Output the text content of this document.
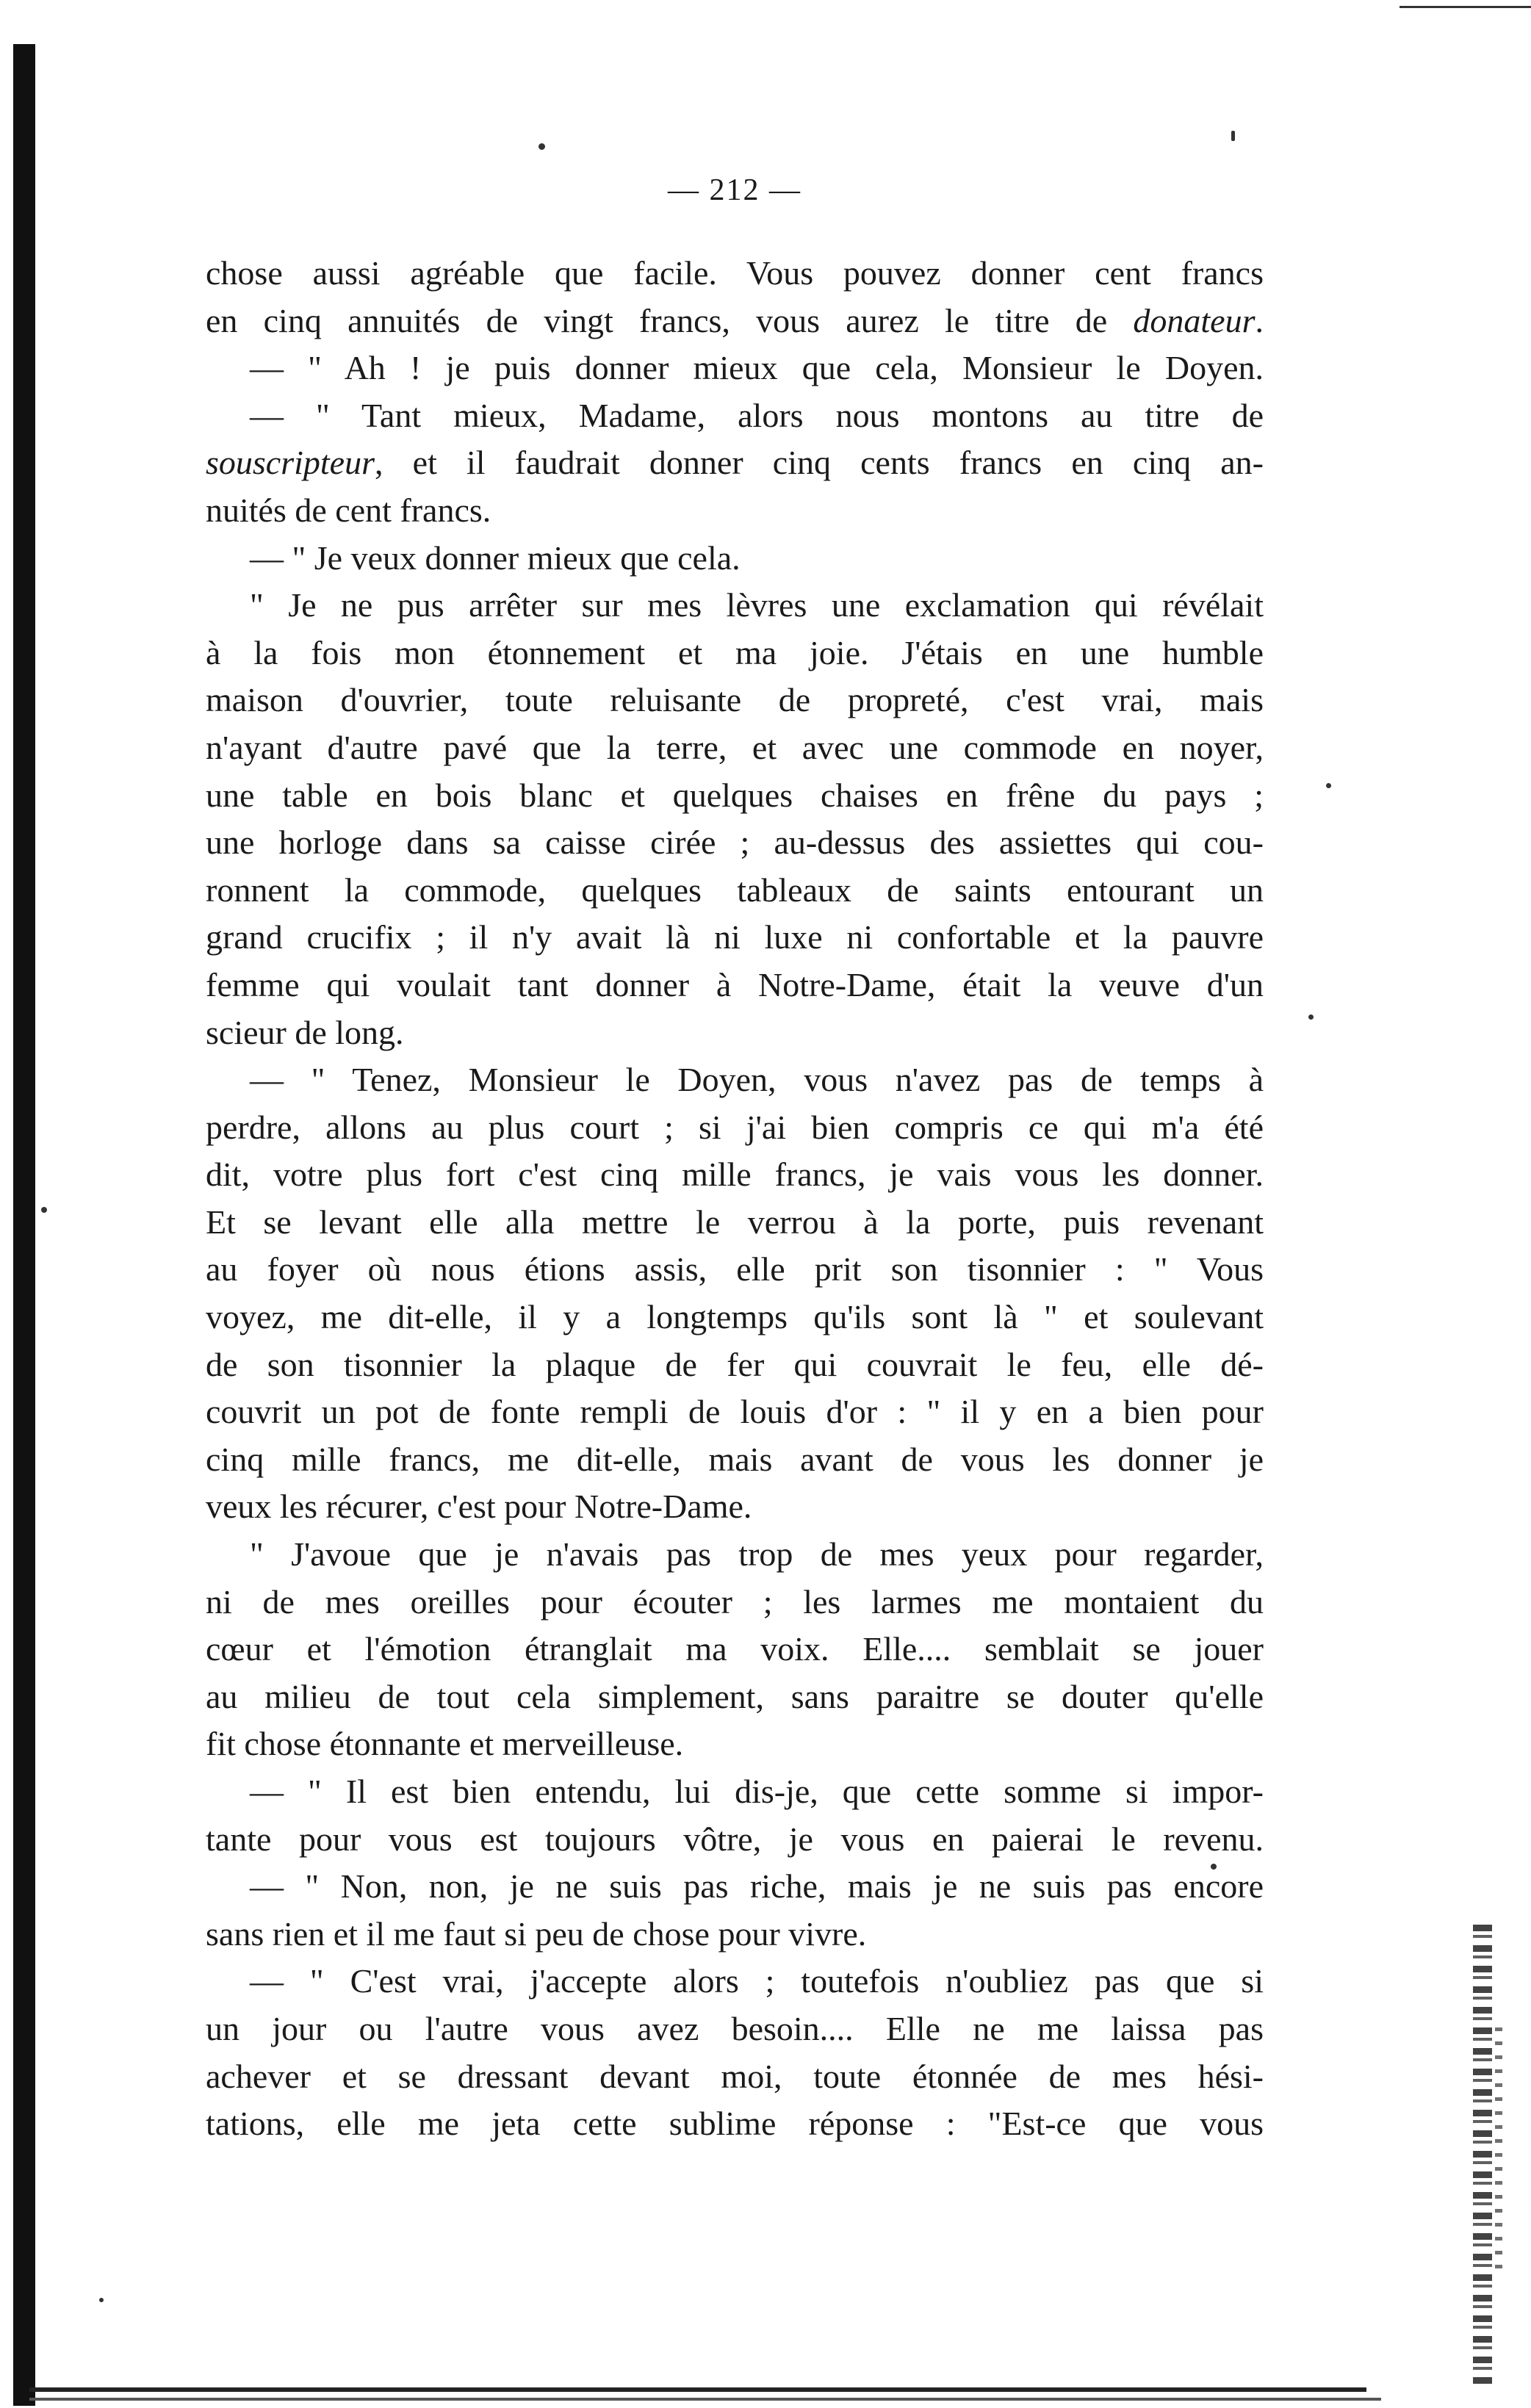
— 212 —
chose aussi agréable que facile. Vous pouvez donner cent francs
en cinq annuités de vingt francs, vous aurez le titre de donateur.
— " Ah ! je puis donner mieux que cela, Monsieur le Doyen.
— " Tant mieux, Madame, alors nous montons au titre de
souscripteur, et il faudrait donner cinq cents francs en cinq an-
nuités de cent francs.
— " Je veux donner mieux que cela.
" Je ne pus arrêter sur mes lèvres une exclamation qui révélait
à la fois mon étonnement et ma joie. J'étais en une humble
maison d'ouvrier, toute reluisante de propreté, c'est vrai, mais
n'ayant d'autre pavé que la terre, et avec une commode en noyer,
une table en bois blanc et quelques chaises en frêne du pays ;
une horloge dans sa caisse cirée ; au-dessus des assiettes qui cou-
ronnent la commode, quelques tableaux de saints entourant un
grand crucifix ; il n'y avait là ni luxe ni confortable et la pauvre
femme qui voulait tant donner à Notre-Dame, était la veuve d'un
scieur de long.
— " Tenez, Monsieur le Doyen, vous n'avez pas de temps à
perdre, allons au plus court ; si j'ai bien compris ce qui m'a été
dit, votre plus fort c'est cinq mille francs, je vais vous les donner.
Et se levant elle alla mettre le verrou à la porte, puis revenant
au foyer où nous étions assis, elle prit son tisonnier : " Vous
voyez, me dit-elle, il y a longtemps qu'ils sont là " et soulevant
de son tisonnier la plaque de fer qui couvrait le feu, elle dé-
couvrit un pot de fonte rempli de louis d'or : " il y en a bien pour
cinq mille francs, me dit-elle, mais avant de vous les donner je
veux les récurer, c'est pour Notre-Dame.
" J'avoue que je n'avais pas trop de mes yeux pour regarder,
ni de mes oreilles pour écouter ; les larmes me montaient du
cœur et l'émotion étranglait ma voix. Elle.... semblait se jouer
au milieu de tout cela simplement, sans paraitre se douter qu'elle
fit chose étonnante et merveilleuse.
— " Il est bien entendu, lui dis-je, que cette somme si impor-
tante pour vous est toujours vôtre, je vous en paierai le revenu.
— " Non, non, je ne suis pas riche, mais je ne suis pas encore
sans rien et il me faut si peu de chose pour vivre.
— " C'est vrai, j'accepte alors ; toutefois n'oubliez pas que si
un jour ou l'autre vous avez besoin.... Elle ne me laissa pas
achever et se dressant devant moi, toute étonnée de mes hési-
tations, elle me jeta cette sublime réponse : "Est-ce que vous
